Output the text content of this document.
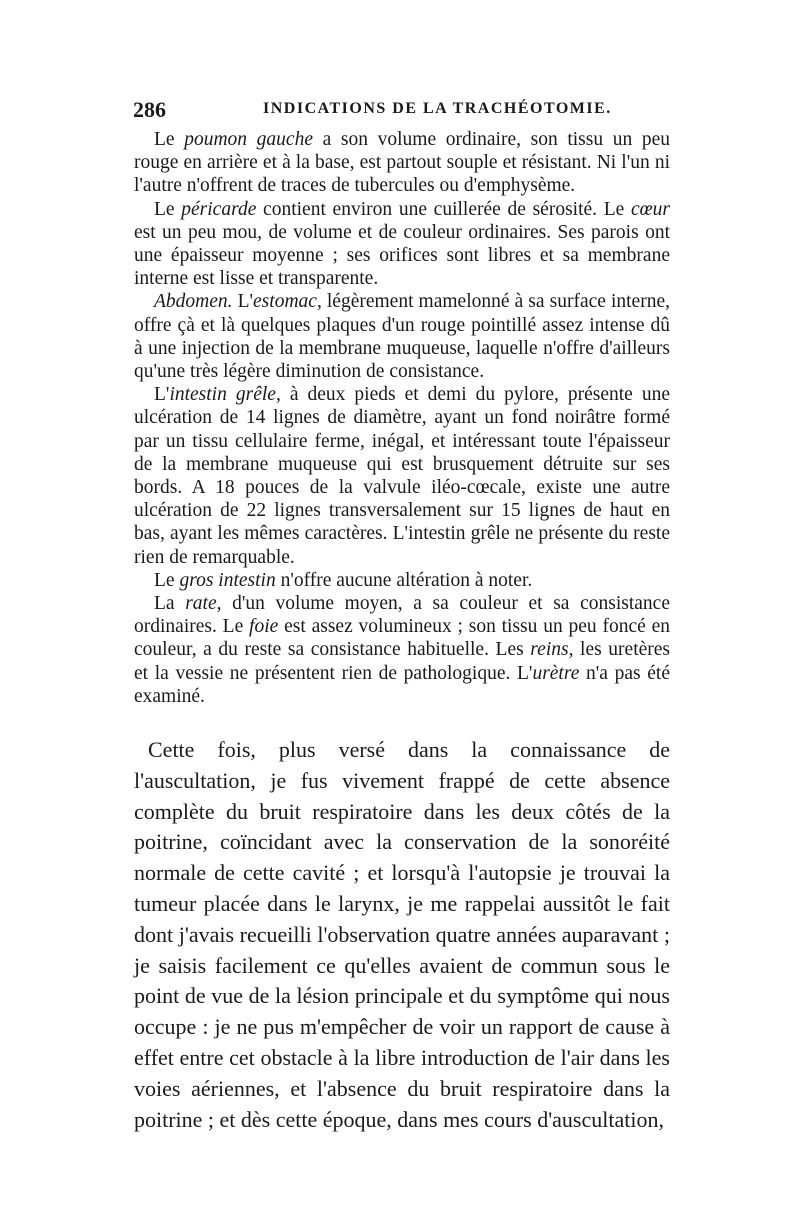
286	INDICATIONS DE LA TRACHÉOTOMIE.

Le poumon gauche a son volume ordinaire, son tissu un peu rouge en arrière et à la base, est partout souple et résistant. Ni l'un ni l'autre n'offrent de traces de tubercules ou d'emphysème.

Le péricarde contient environ une cuillerée de sérosité. Le cœur est un peu mou, de volume et de couleur ordinaires. Ses parois ont une épaisseur moyenne ; ses orifices sont libres et sa membrane interne est lisse et transparente.

Abdomen. L'estomac, légèrement mamelonné à sa surface interne, offre çà et là quelques plaques d'un rouge pointillé assez intense dû à une injection de la membrane muqueuse, laquelle n'offre d'ailleurs qu'une très légère diminution de consistance.

L'intestin grêle, à deux pieds et demi du pylore, présente une ulcération de 14 lignes de diamètre, ayant un fond noirâtre formé par un tissu cellulaire ferme, inégal, et intéressant toute l'épaisseur de la membrane muqueuse qui est brusquement détruite sur ses bords. A 18 pouces de la valvule iléo-cœcale, existe une autre ulcération de 22 lignes transversalement sur 15 lignes de haut en bas, ayant les mêmes caractères. L'intestin grêle ne présente du reste rien de remarquable.

Le gros intestin n'offre aucune altération à noter.

La rate, d'un volume moyen, a sa couleur et sa consistance ordinaires. Le foie est assez volumineux ; son tissu un peu foncé en couleur, a du reste sa consistance habituelle. Les reins, les uretères et la vessie ne présentent rien de pathologique. L'urètre n'a pas été examiné.

Cette fois, plus versé dans la connaissance de l'auscultation, je fus vivement frappé de cette absence complète du bruit respiratoire dans les deux côtés de la poitrine, coïncidant avec la conservation de la sonoréité normale de cette cavité ; et lorsqu'à l'autopsie je trouvai la tumeur placée dans le larynx, je me rappelai aussitôt le fait dont j'avais recueilli l'observation quatre années auparavant ; je saisis facilement ce qu'elles avaient de commun sous le point de vue de la lésion principale et du symptôme qui nous occupe : je ne pus m'empêcher de voir un rapport de cause à effet entre cet obstacle à la libre introduction de l'air dans les voies aériennes, et l'absence du bruit respiratoire dans la poitrine ; et dès cette époque, dans mes cours d'auscultation,
